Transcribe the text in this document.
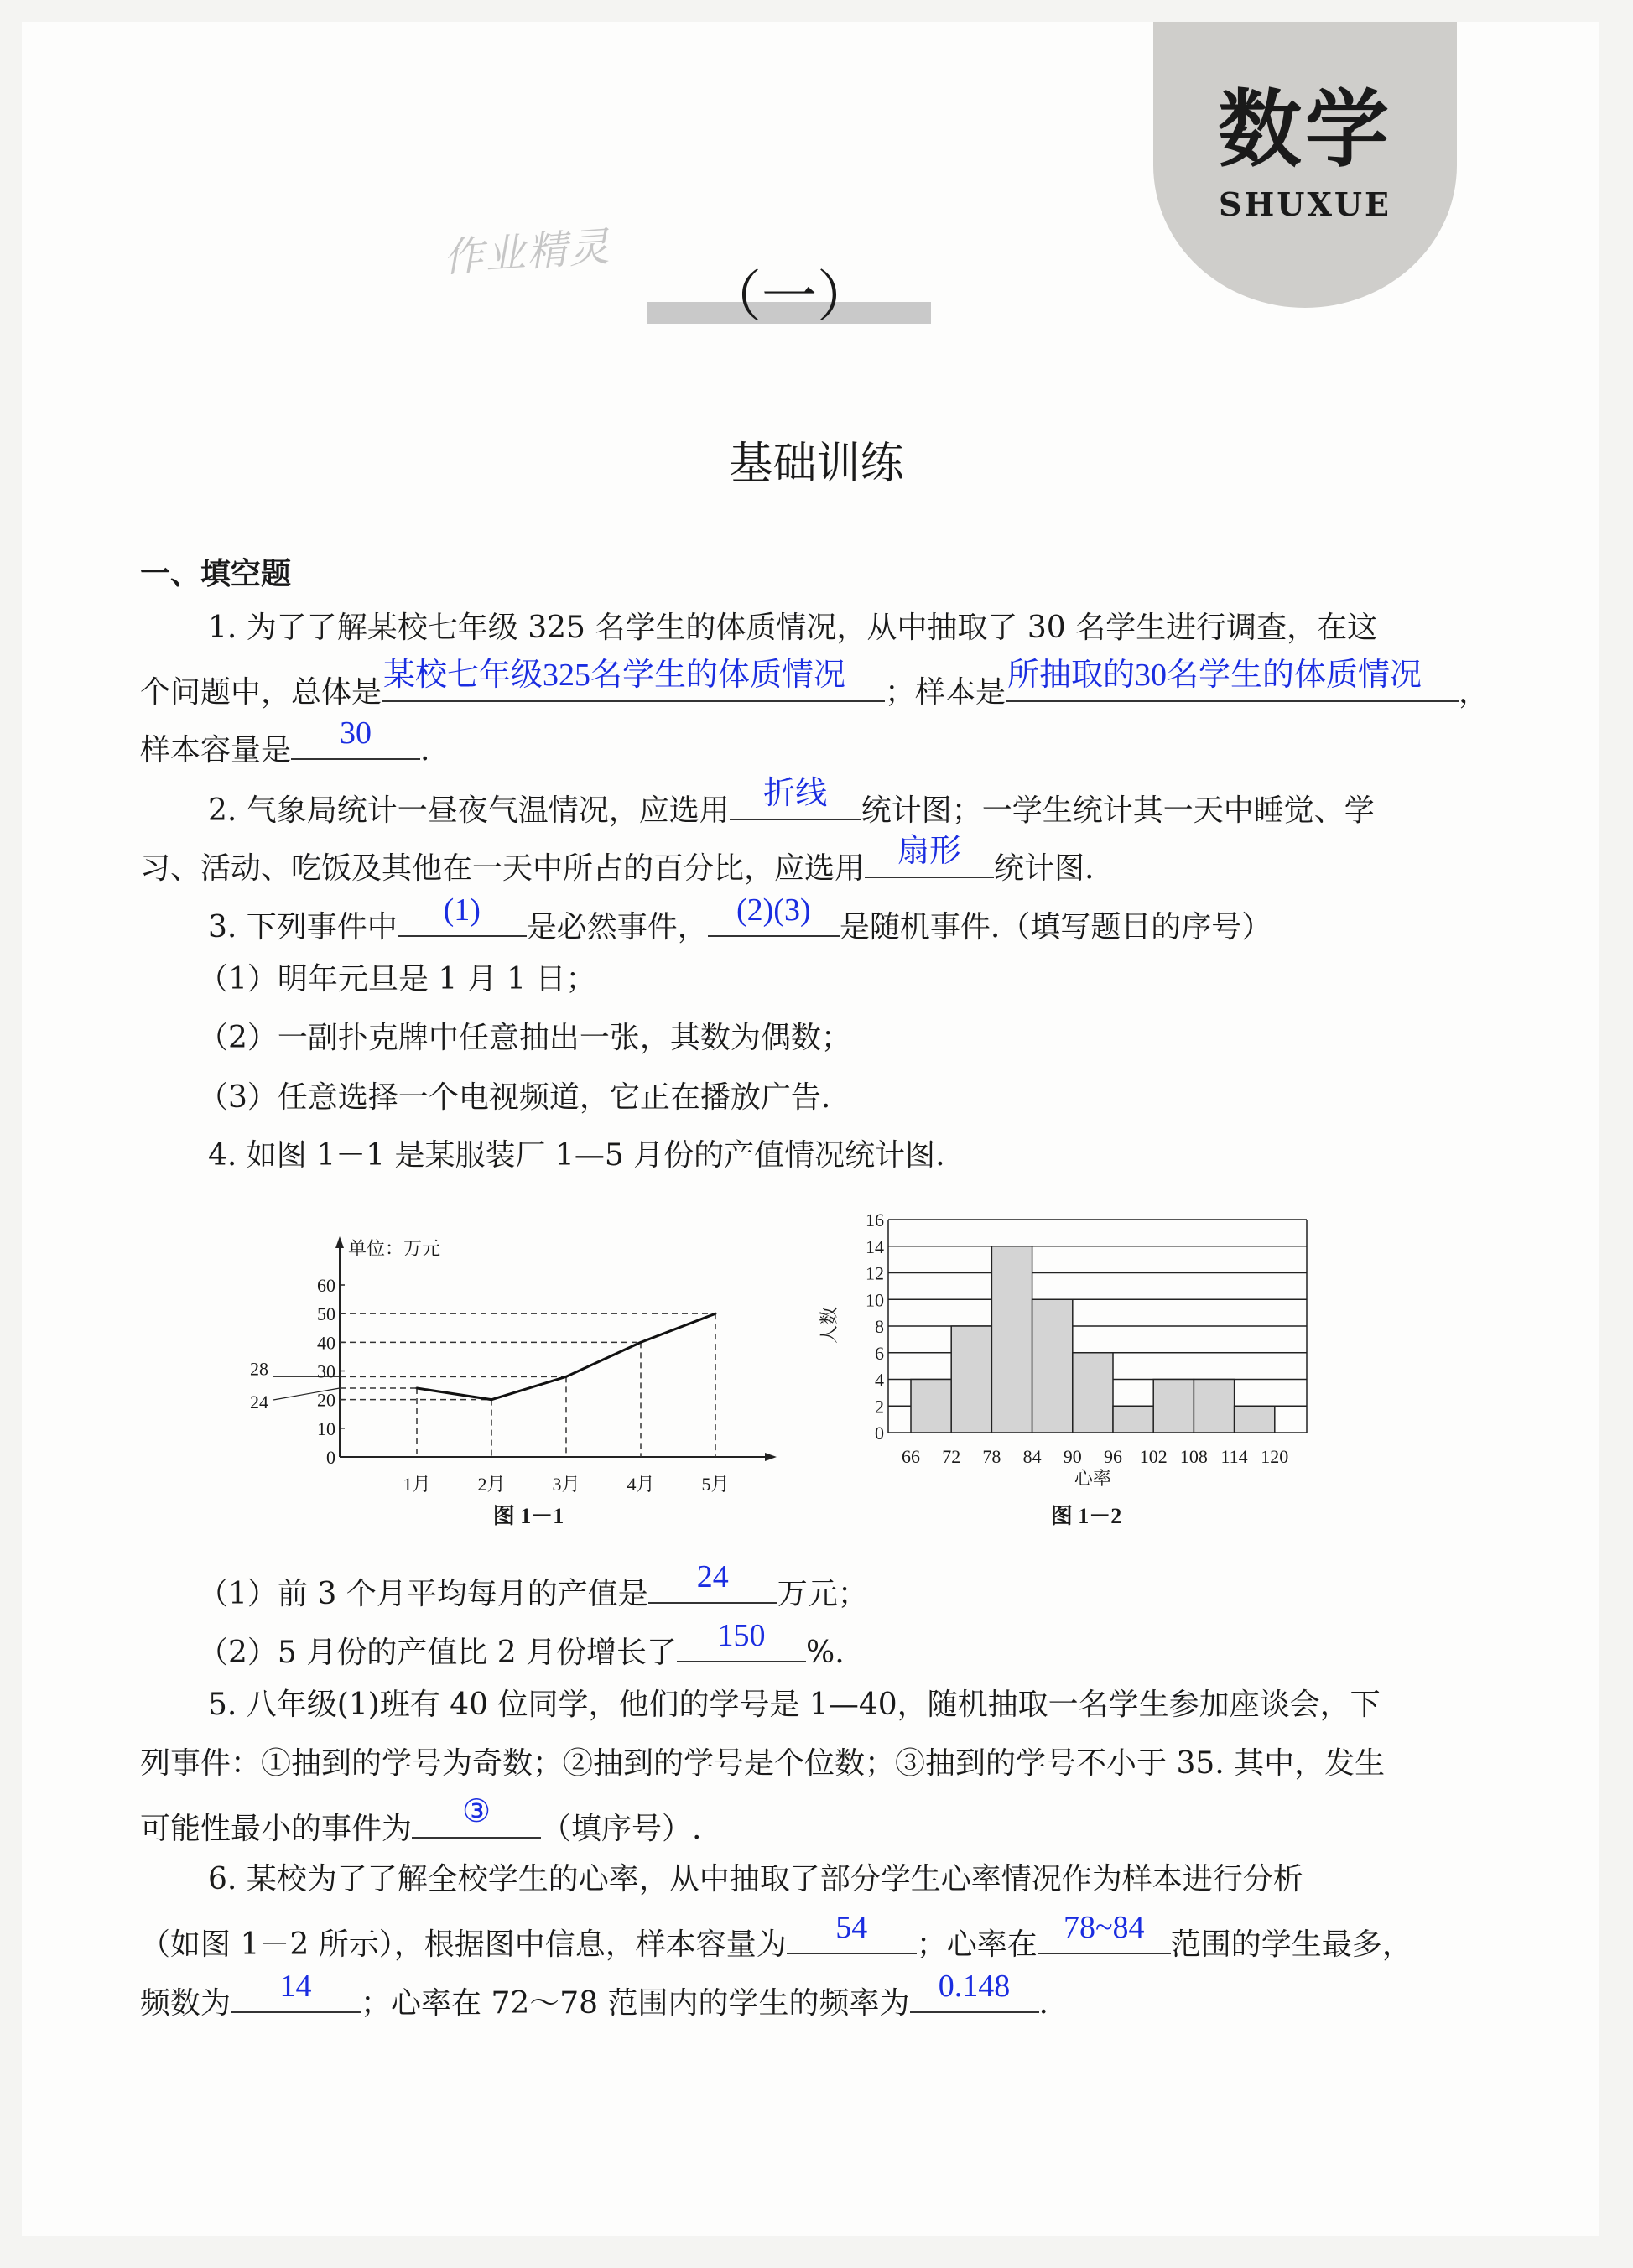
数学
SHUXUE
作业精灵
（一）
基础训练
一、填空题
1. 为了了解某校七年级 325 名学生的体质情况，从中抽取了 30 名学生进行调查，在这
个问题中，总体是 某校七年级325名学生的体质情况 ；样本是 所抽取的30名学生的体质情况 ，
样本容量是	30	.
2. 气象局统计一昼夜气温情况，应选用	折线	统计图；一学生统计其一天中睡觉、学
习、活动、吃饭及其他在一天中所占的百分比，应选用	扇形	统计图.
3. 下列事件中	(1)	是必然事件， (2)(3) 是随机事件.（填写题目的序号）
（1）明年元旦是 1 月 1 日；
（2）一副扑克牌中任意抽出一张，其数为偶数；
（3）任意选择一个电视频道，它正在播放广告.
4. 如图 1－1 是某服装厂 1—5 月份的产值情况统计图.
单位：万元
0
10
20
30
40
50
60
28
24
1月	2月	3月	4月	5月
图 1－1
0
2
4
6
8
10
12
14
16
66 72 78 84 90 96 102 108 114 120
心率
人数
图 1－2
（1）前 3 个月平均每月的产值是	24	万元；
（2）5 月份的产值比 2 月份增长了	150	%.
5. 八年级(1)班有 40 位同学，他们的学号是 1—40，随机抽取一名学生参加座谈会，下
列事件：①抽到的学号为奇数；②抽到的学号是个位数；③抽到的学号不小于 35. 其中，发生
可能性最小的事件为	③	（填序号）.
6. 某校为了了解全校学生的心率，从中抽取了部分学生心率情况作为样本进行分析
（如图 1－2 所示），根据图中信息，样本容量为	54	；心率在 78~84 范围的学生最多，
频数为	14	；心率在 72～78 范围内的学生的频率为 0.148 .
